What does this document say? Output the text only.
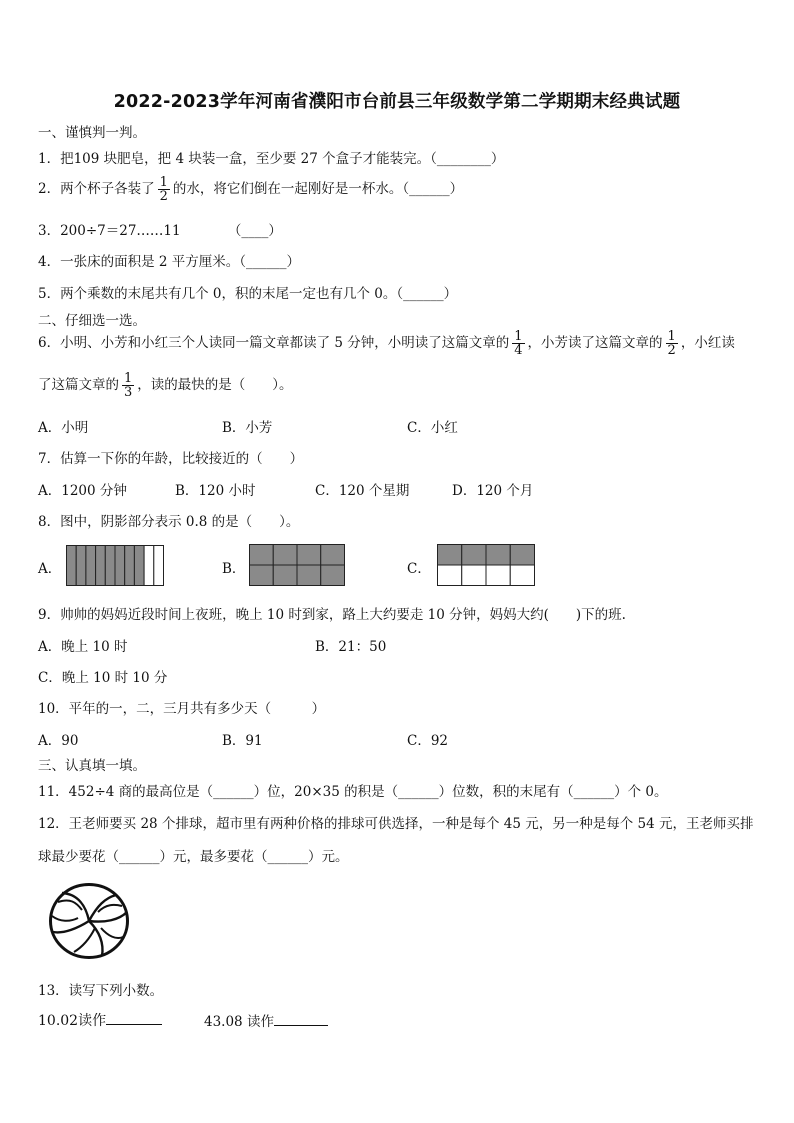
2022-2023学年河南省濮阳市台前县三年级数学第二学期期末经典试题
一、谨慎判一判。
1．把109 块肥皂，把 4 块装一盒，至少要 27 个盒子才能装完。（________）
2．两个杯子各装了 $\frac{1}{2}$ 的水，将它们倒在一起刚好是一杯水。（______）
3．200÷7＝27……11　　　　（____）
4．一张床的面积是 2 平方厘米。（______）
5．两个乘数的末尾共有几个 0，积的末尾一定也有几个 0。（______）
二、仔细选一选。
6．小明、小芳和小红三个人读同一篇文章都读了 5 分钟，小明读了这篇文章的 $\frac{1}{4}$ ，小芳读了这篇文章的 $\frac{1}{2}$ ，小红读
了这篇文章的 $\frac{1}{3}$ ，读的最快的是（　　）。
A．小明	B．小芳	C．小红
7．估算一下你的年龄，比较接近的（　　）
A．1200 分钟	B．120 小时	C．120 个星期	D．120 个月
8．图中，阴影部分表示 0.8 的是（　　）。
A．	B．	C．
9．帅帅的妈妈近段时间上夜班，晚上 10 时到家，路上大约要走 10 分钟，妈妈大约(　　)下的班.
A．晚上 10 时	B．21：50
C．晚上 10 时 10 分
10．平年的一，二，三月共有多少天（　　　）
A．90	B．91	C．92
三、认真填一填。
11．452÷4 商的最高位是（______）位，20×35 的积是（______）位数，积的末尾有（______）个 0。
12．王老师要买 28 个排球，超市里有两种价格的排球可供选择，一种是每个 45 元，另一种是每个 54 元，王老师买排
球最少要花（______）元，最多要花（______）元。
13．读写下列小数。
10.02读作	43.08 读作
